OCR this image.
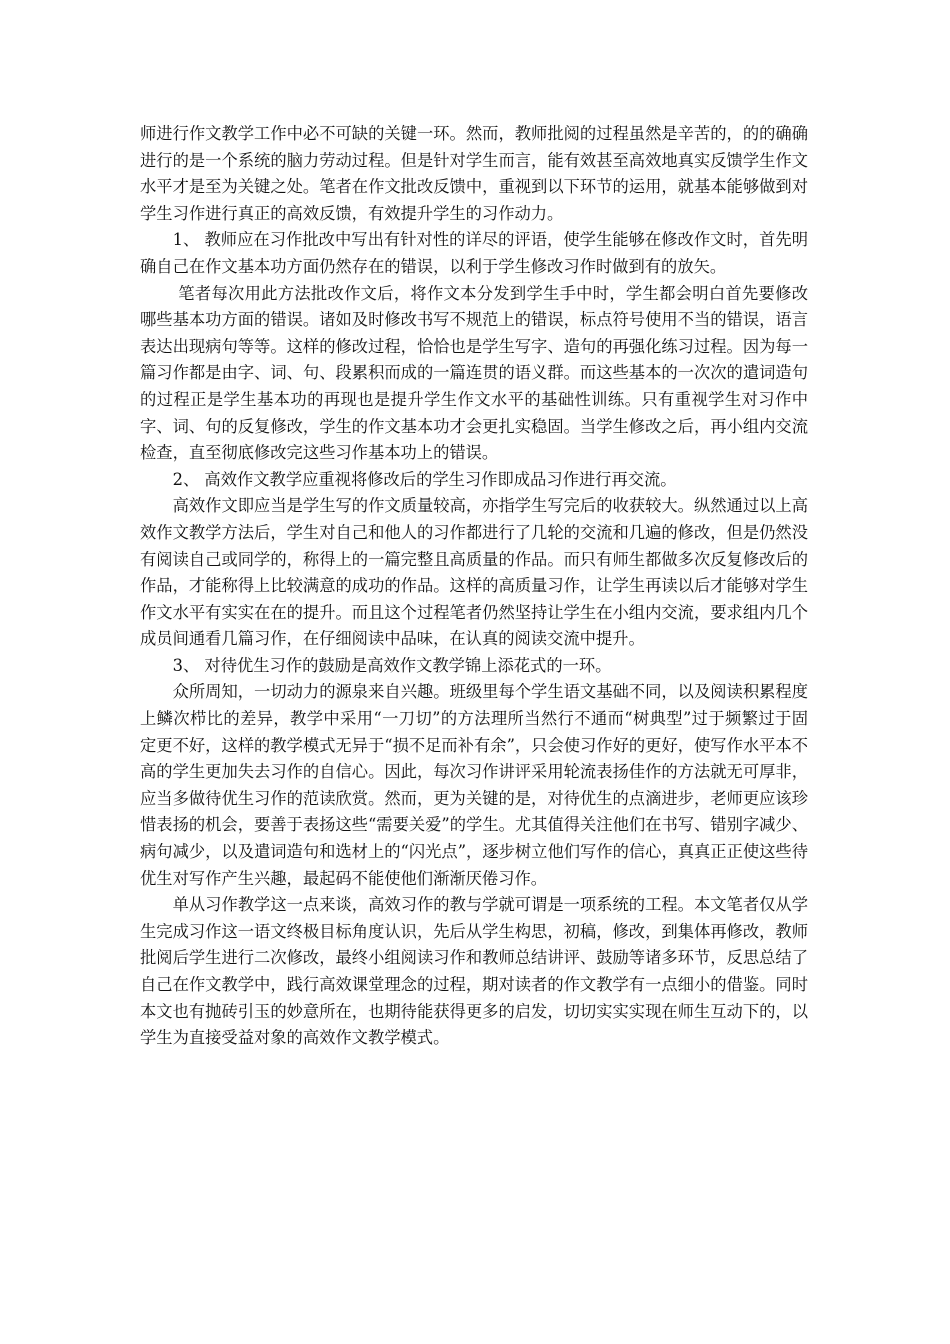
师进行作文教学工作中必不可缺的关键一环。然而，教师批阅的过程虽然是辛苦的，的的确确进行的是一个系统的脑力劳动过程。但是针对学生而言，能有效甚至高效地真实反馈学生作文水平才是至为关键之处。笔者在作文批改反馈中，重视到以下环节的运用，就基本能够做到对学生习作进行真正的高效反馈，有效提升学生的习作动力。

1、 教师应在习作批改中写出有针对性的详尽的评语，使学生能够在修改作文时，首先明确自己在作文基本功方面仍然存在的错误，以利于学生修改习作时做到有的放矢。

笔者每次用此方法批改作文后，将作文本分发到学生手中时，学生都会明白首先要修改哪些基本功方面的错误。诸如及时修改书写不规范上的错误，标点符号使用不当的错误，语言表达出现病句等等。这样的修改过程，恰恰也是学生写字、造句的再强化练习过程。因为每一篇习作都是由字、词、句、段累积而成的一篇连贯的语义群。而这些基本的一次次的遣词造句的过程正是学生基本功的再现也是提升学生作文水平的基础性训练。只有重视学生对习作中字、词、句的反复修改，学生的作文基本功才会更扎实稳固。当学生修改之后，再小组内交流检查，直至彻底修改完这些习作基本功上的错误。

2、 高效作文教学应重视将修改后的学生习作即成品习作进行再交流。

高效作文即应当是学生写的作文质量较高，亦指学生写完后的收获较大。纵然通过以上高效作文教学方法后，学生对自己和他人的习作都进行了几轮的交流和几遍的修改，但是仍然没有阅读自己或同学的，称得上的一篇完整且高质量的作品。而只有师生都做多次反复修改后的作品，才能称得上比较满意的成功的作品。这样的高质量习作，让学生再读以后才能够对学生作文水平有实实在在的提升。而且这个过程笔者仍然坚持让学生在小组内交流，要求组内几个成员间通看几篇习作，在仔细阅读中品味，在认真的阅读交流中提升。

3、 对待优生习作的鼓励是高效作文教学锦上添花式的一环。

众所周知，一切动力的源泉来自兴趣。班级里每个学生语文基础不同，以及阅读积累程度上鳞次栉比的差异，教学中采用“一刀切”的方法理所当然行不通而“树典型”过于频繁过于固定更不好，这样的教学模式无异于“损不足而补有余”，只会使习作好的更好，使写作水平本不高的学生更加失去习作的自信心。因此，每次习作讲评采用轮流表扬佳作的方法就无可厚非，应当多做待优生习作的范读欣赏。然而，更为关键的是，对待优生的点滴进步，老师更应该珍惜表扬的机会，要善于表扬这些“需要关爱”的学生。尤其值得关注他们在书写、错别字减少、病句减少，以及遣词造句和选材上的“闪光点”，逐步树立他们写作的信心，真真正正使这些待优生对写作产生兴趣，最起码不能使他们渐渐厌倦习作。

单从习作教学这一点来谈，高效习作的教与学就可谓是一项系统的工程。本文笔者仅从学生完成习作这一语文终极目标角度认识，先后从学生构思，初稿，修改，到集体再修改，教师批阅后学生进行二次修改，最终小组阅读习作和教师总结讲评、鼓励等诸多环节，反思总结了自己在作文教学中，践行高效课堂理念的过程，期对读者的作文教学有一点细小的借鉴。同时本文也有抛砖引玉的妙意所在，也期待能获得更多的启发，切切实实实现在师生互动下的，以学生为直接受益对象的高效作文教学模式。
